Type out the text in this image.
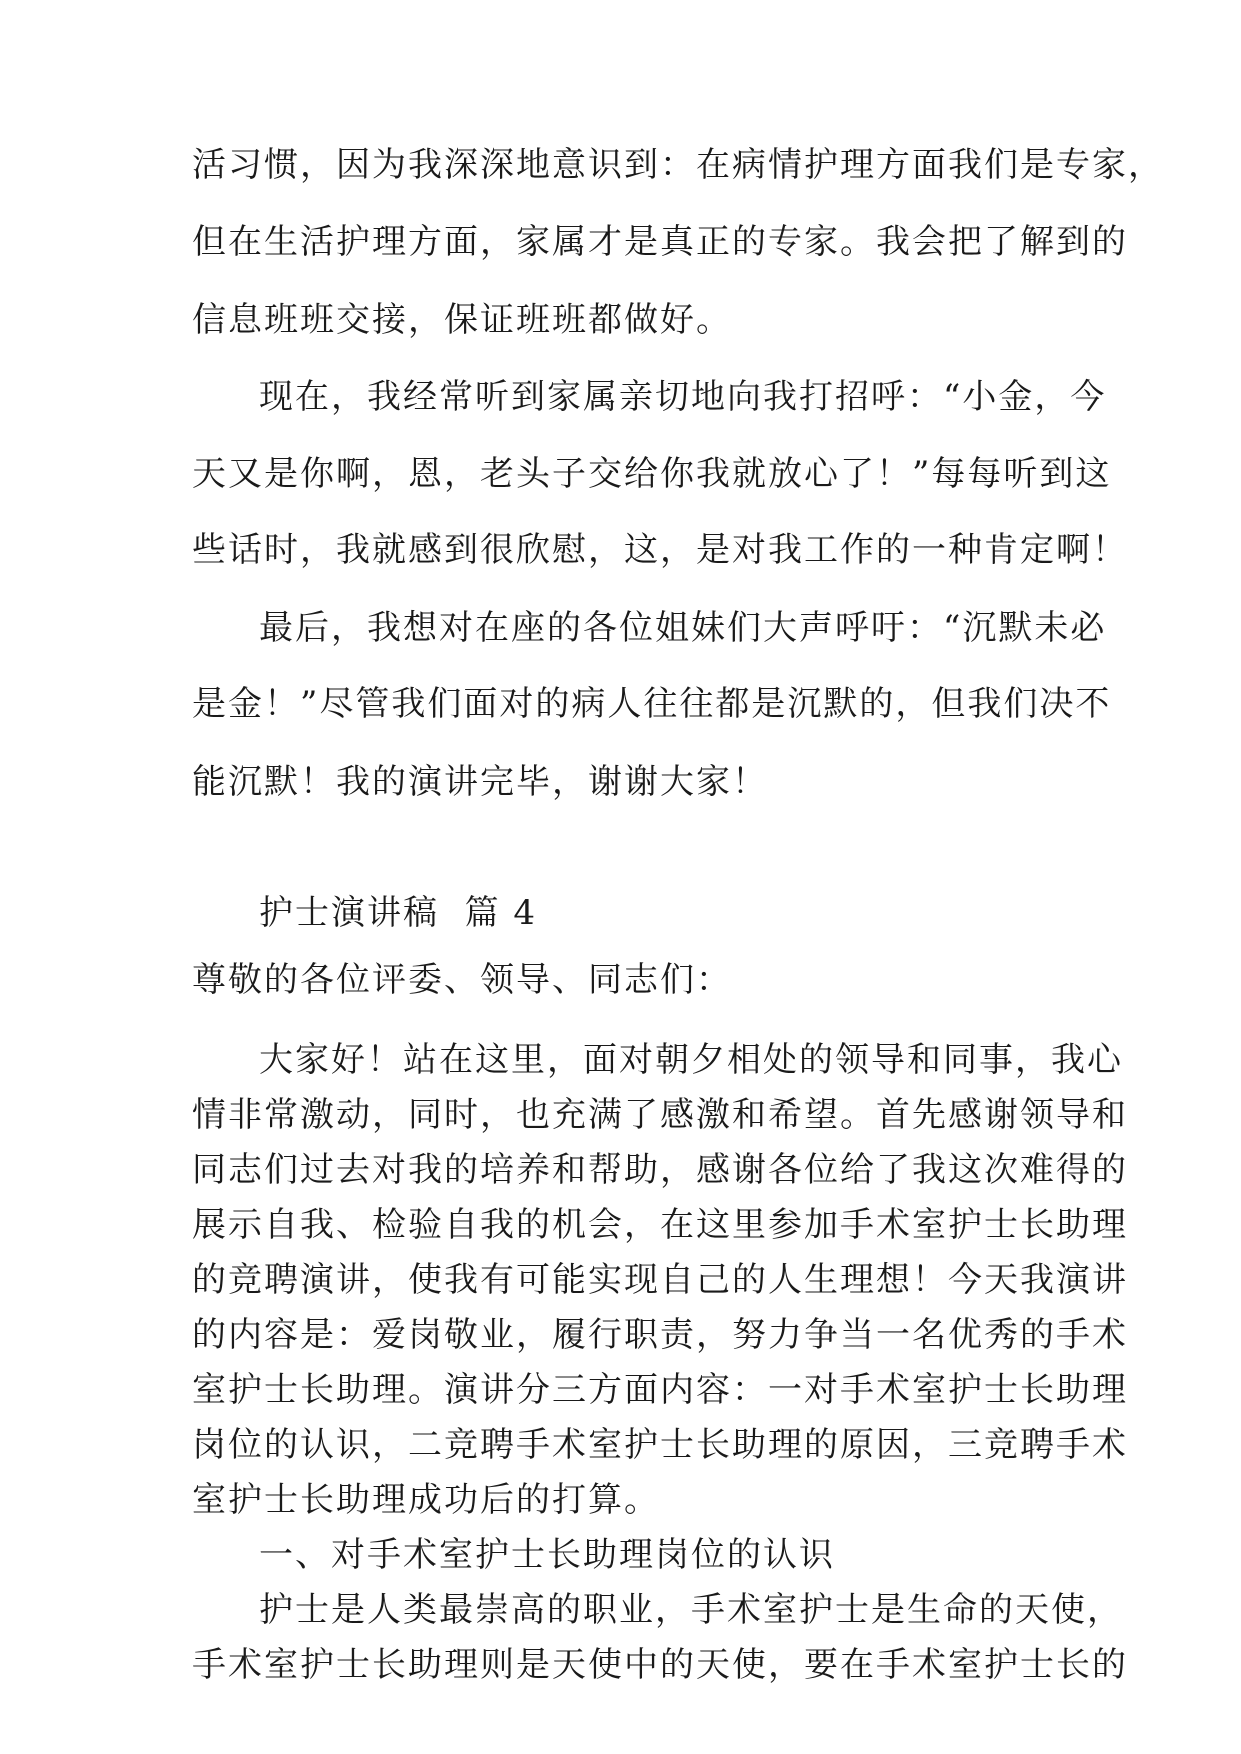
活习惯，因为我深深地意识到：在病情护理方面我们是专家，
但在生活护理方面，家属才是真正的专家。我会把了解到的
信息班班交接，保证班班都做好。
现在，我经常听到家属亲切地向我打招呼：“小金，今
天又是你啊，恩，老头子交给你我就放心了！”每每听到这
些话时，我就感到很欣慰，这，是对我工作的一种肯定啊！
最后，我想对在座的各位姐妹们大声呼吁：“沉默未必
是金！”尽管我们面对的病人往往都是沉默的，但我们决不
能沉默！我的演讲完毕，谢谢大家！
护士演讲稿  篇 4
尊敬的各位评委、领导、同志们：
大家好！站在这里，面对朝夕相处的领导和同事，我心
情非常激动，同时，也充满了感激和希望。首先感谢领导和
同志们过去对我的培养和帮助，感谢各位给了我这次难得的
展示自我、检验自我的机会，在这里参加手术室护士长助理
的竞聘演讲，使我有可能实现自己的人生理想！今天我演讲
的内容是：爱岗敬业，履行职责，努力争当一名优秀的手术
室护士长助理。演讲分三方面内容：一对手术室护士长助理
岗位的认识，二竞聘手术室护士长助理的原因，三竞聘手术
室护士长助理成功后的打算。
一、对手术室护士长助理岗位的认识
护士是人类最崇高的职业，手术室护士是生命的天使，
手术室护士长助理则是天使中的天使，要在手术室护士长的
